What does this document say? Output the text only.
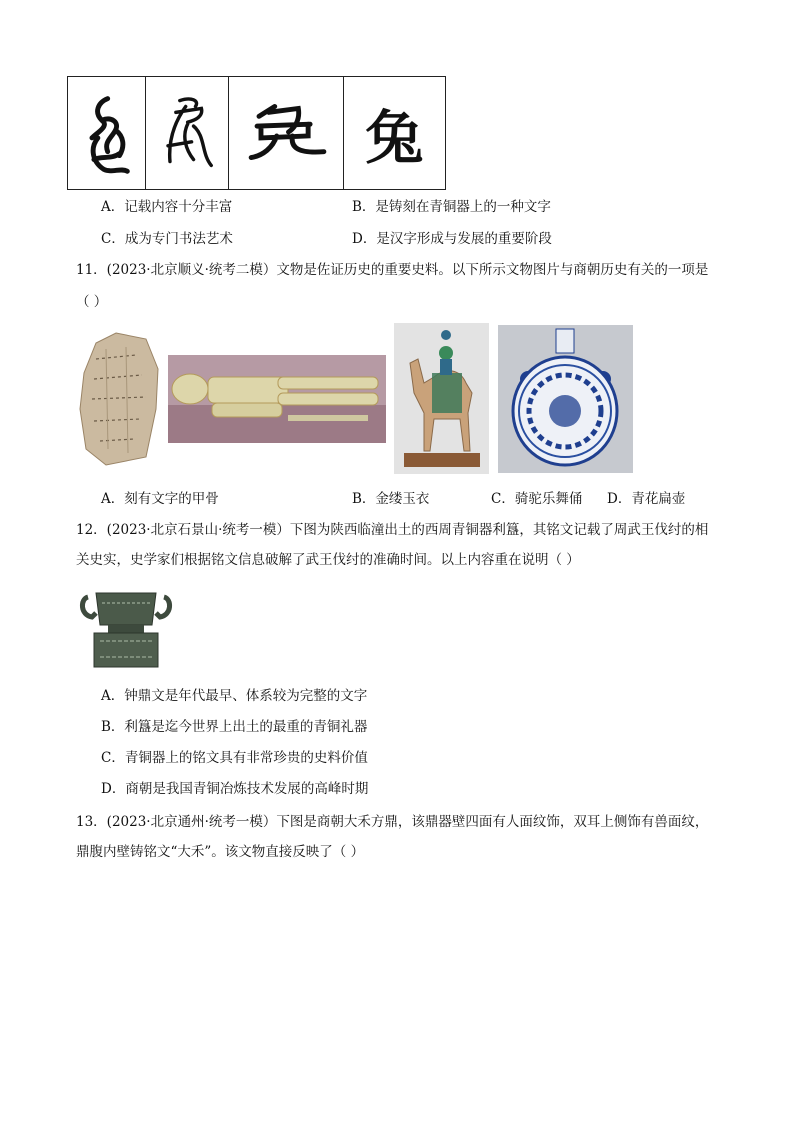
兔
A．记载内容十分丰富	B．是铸刻在青铜器上的一种文字
C．成为专门书法艺术	D．是汉字形成与发展的重要阶段
11．(2023·北京顺义·统考二模）文物是佐证历史的重要史料。以下所示文物图片与商朝历史有关的一项是
（ ）
A．刻有文字的甲骨	B．金缕玉衣	C．骑驼乐舞俑 D．青花扁壶
12．(2023·北京石景山·统考一模）下图为陕西临潼出土的西周青铜器利簋，其铭文记载了周武王伐纣的相
关史实，史学家们根据铭文信息破解了武王伐纣的准确时间。以上内容重在说明（ ）
A．钟鼎文是年代最早、体系较为完整的文字
B．利簋是迄今世界上出土的最重的青铜礼器
C．青铜器上的铭文具有非常珍贵的史料价值
D．商朝是我国青铜冶炼技术发展的高峰时期
13．(2023·北京通州·统考一模）下图是商朝大禾方鼎，该鼎器壁四面有人面纹饰，双耳上侧饰有兽面纹，
鼎腹内壁铸铭文“大禾”。该文物直接反映了（ ）
